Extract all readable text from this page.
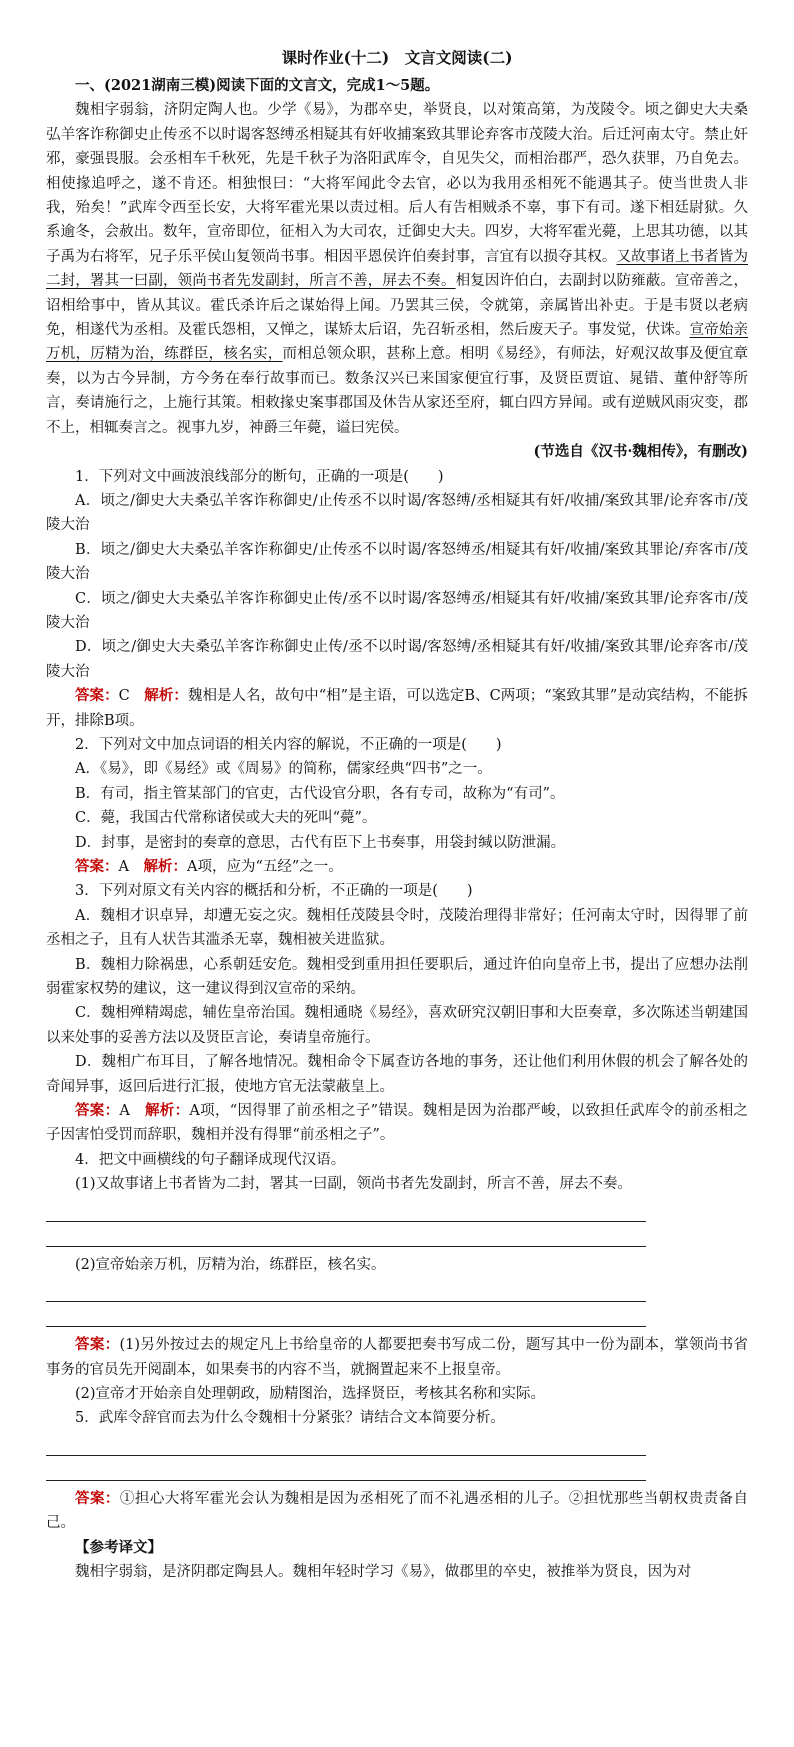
课时作业(十二)　文言文阅读(二)

一、(2021湖南三模)阅读下面的文言文，完成1～5题。

魏相字弱翁，济阴定陶人也。少学《易》，为郡卒史，举贤良，以对策高第，为茂陵令。顷之御史大夫桑弘羊客诈称御史止传丞不以时谒客怒缚丞相疑其有奸收捕案致其罪论弃客市茂陵大治。后迁河南太守。禁止奸邪，豪强畏服。会丞相车千秋死，先是千秋子为洛阳武库令，自见失父，而相治郡严，恐久获罪，乃自免去。相使掾追呼之，遂不肯还。相独恨曰：“大将军闻此令去官，必以为我用丞相死不能遇其子。使当世贵人非我，殆矣！”武库令西至长安，大将军霍光果以责过相。后人有告相贼杀不辜，事下有司。遂下相廷尉狱。久系逾冬，会赦出。数年，宣帝即位，征相入为大司农，迁御史大夫。四岁，大将军霍光薨，上思其功德，以其子禹为右将军，兄子乐平侯山复领尚书事。相因平恩侯许伯奏封事，言宜有以损夺其权。又故事诸上书者皆为二封，署其一曰副，领尚书者先发副封，所言不善，屏去不奏。相复因许伯白，去副封以防雍蔽。宣帝善之，诏相给事中，皆从其议。霍氏杀许后之谋始得上闻。乃罢其三侯，令就第，亲属皆出补吏。于是韦贤以老病免，相遂代为丞相。及霍氏怨相，又惮之，谋矫太后诏，先召斩丞相，然后废天子。事发觉，伏诛。宣帝始亲万机，厉精为治，练群臣，核名实，而相总领众职，甚称上意。相明《易经》，有师法，好观汉故事及便宜章奏，以为古今异制，方今务在奉行故事而已。数条汉兴已来国家便宜行事，及贤臣贾谊、晁错、董仲舒等所言，奏请施行之，上施行其策。相敕掾史案事郡国及休告从家还至府，辄白四方异闻。或有逆贼风雨灾变，郡不上，相辄奏言之。视事九岁，神爵三年薨，谥曰宪侯。

(节选自《汉书·魏相传》，有删改)

1．下列对文中画波浪线部分的断句，正确的一项是(　　)

A．顷之/御史大夫桑弘羊客诈称御史/止传丞不以时谒/客怒缚/丞相疑其有奸/收捕/案致其罪/论弃客市/茂陵大治

B．顷之/御史大夫桑弘羊客诈称御史/止传丞不以时谒/客怒缚丞/相疑其有奸/收捕/案致其罪论/弃客市/茂陵大治

C．顷之/御史大夫桑弘羊客诈称御史止传/丞不以时谒/客怒缚丞/相疑其有奸/收捕/案致其罪/论弃客市/茂陵大治

D．顷之/御史大夫桑弘羊客诈称御史止传/丞不以时谒/客怒缚/丞相疑其有奸/收捕/案致其罪/论弃客市/茂陵大治

答案：C　 解析：魏相是人名，故句中“相”是主语，可以选定B、C两项；“案致其罪”是动宾结构，不能拆开，排除B项。

2．下列对文中加点词语的相关内容的解说，不正确的一项是(　　)

A．《易》，即《易经》或《周易》的简称，儒家经典“四书”之一。

B．有司，指主管某部门的官吏，古代设官分职，各有专司，故称为“有司”。

C．薨，我国古代常称诸侯或大夫的死叫“薨”。

D．封事，是密封的奏章的意思，古代有臣下上书奏事，用袋封缄以防泄漏。

答案：A　 解析：A项，应为“五经”之一。

3．下列对原文有关内容的概括和分析，不正确的一项是(　　)

A．魏相才识卓异，却遭无妄之灾。魏相任茂陵县令时，茂陵治理得非常好；任河南太守时，因得罪了前丞相之子，且有人状告其滥杀无辜，魏相被关进监狱。

B．魏相力除祸患，心系朝廷安危。魏相受到重用担任要职后，通过许伯向皇帝上书，提出了应想办法削弱霍家权势的建议，这一建议得到汉宣帝的采纳。

C．魏相殚精竭虑，辅佐皇帝治国。魏相通晓《易经》，喜欢研究汉朝旧事和大臣奏章，多次陈述当朝建国以来处事的妥善方法以及贤臣言论，奏请皇帝施行。

D．魏相广布耳目，了解各地情况。魏相命令下属查访各地的事务，还让他们利用休假的机会了解各处的奇闻异事，返回后进行汇报，使地方官无法蒙蔽皇上。

答案：A　 解析：A项，“因得罪了前丞相之子”错误。魏相是因为治郡严峻，以致担任武库令的前丞相之子因害怕受罚而辞职，魏相并没有得罪“前丞相之子”。

4．把文中画横线的句子翻译成现代汉语。

(1)又故事诸上书者皆为二封，署其一曰副，领尚书者先发副封，所言不善，屏去不奏。

(2)宣帝始亲万机，厉精为治，练群臣，核名实。

答案：(1)另外按过去的规定凡上书给皇帝的人都要把奏书写成二份，题写其中一份为副本，掌领尚书省事务的官员先开阅副本，如果奏书的内容不当，就搁置起来不上报皇帝。

(2)宣帝才开始亲自处理朝政，励精图治，选择贤臣，考核其名称和实际。

5．武库令辞官而去为什么令魏相十分紧张？请结合文本简要分析。

答案：①担心大将军霍光会认为魏相是因为丞相死了而不礼遇丞相的儿子。②担忧那些当朝权贵责备自己。

【参考译文】

魏相字弱翁，是济阴郡定陶县人。魏相年轻时学习《易》，做郡里的卒史，被推举为贤良，因为对
